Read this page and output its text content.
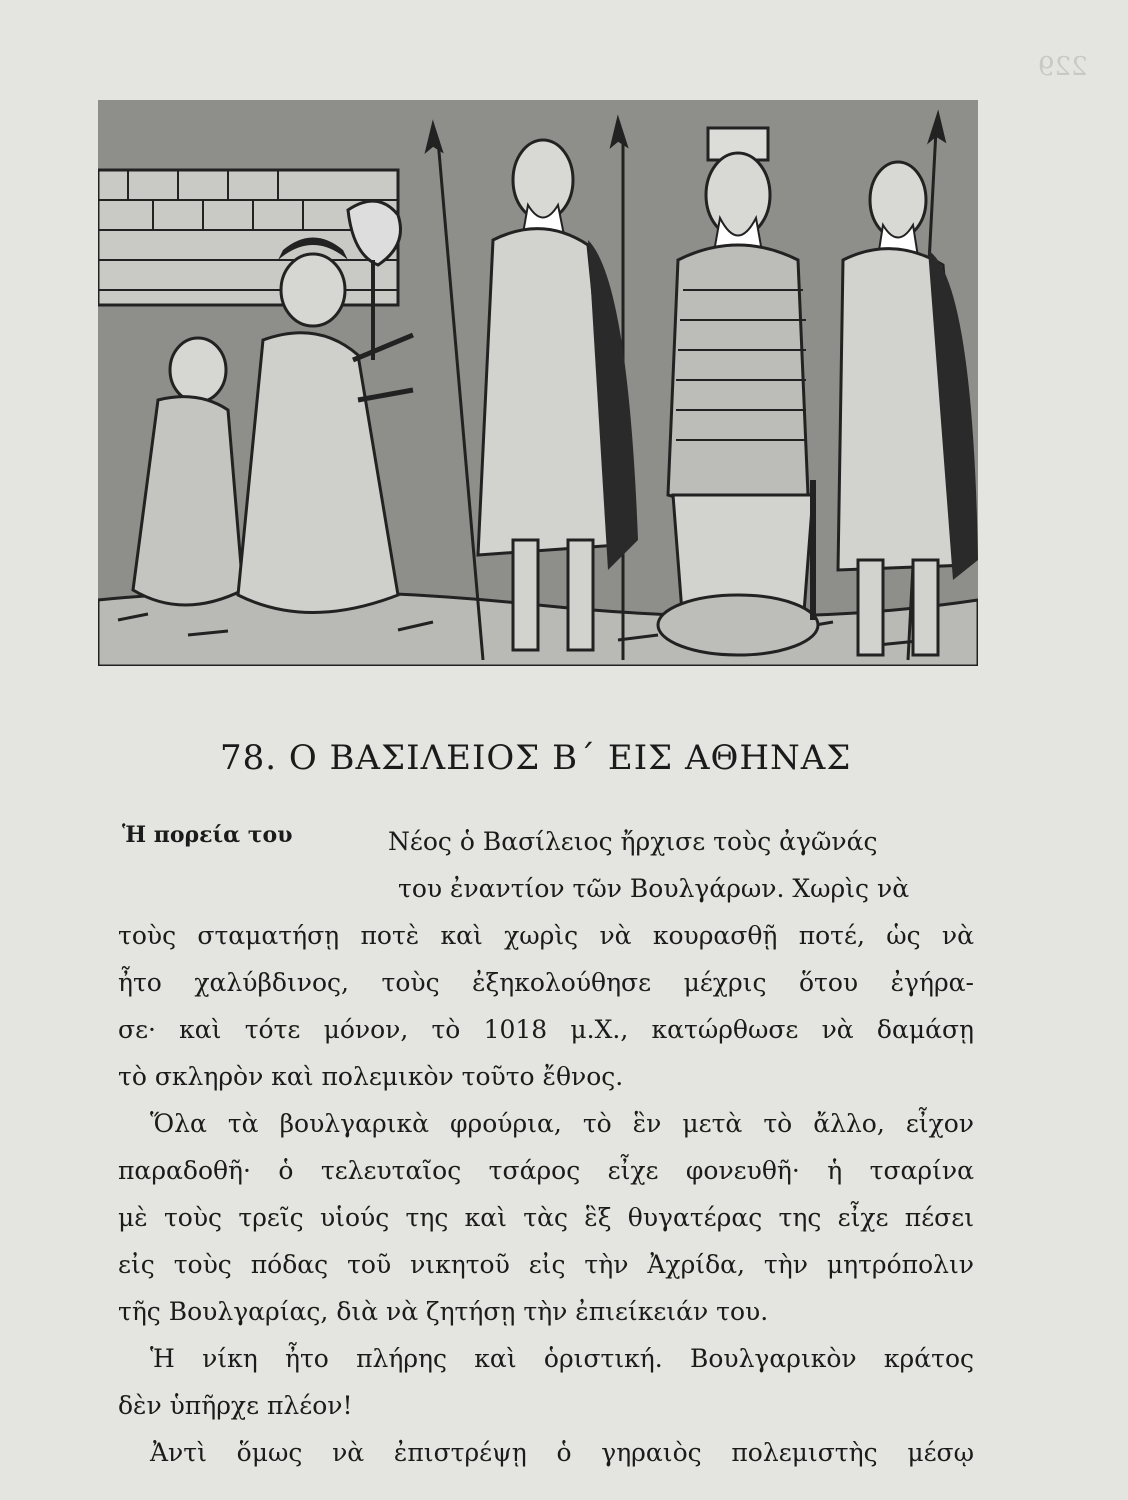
229
78. Ο ΒΑΣΙΛΕΙΟΣ Β΄ ΕΙΣ ΑΘΗΝΑΣ
Ἡ πορεία του	Νέος ὁ Βασίλειος ἤρχισε τοὺς ἀγῶνάς
του ἐναντίον τῶν Βουλγάρων. Χωρὶς νὰ
τοὺς σταματήσῃ ποτὲ καὶ χωρὶς νὰ κουρασθῇ ποτέ, ὡς νὰ
ἦτο χαλύβδινος, τοὺς ἐξηκολούθησε μέχρις ὅτου ἐγήρα-
σε· καὶ τότε μόνον, τὸ 1018 μ.Χ., κατώρθωσε νὰ δαμάσῃ
τὸ σκληρὸν καὶ πολεμικὸν τοῦτο ἔθνος.
Ὅλα τὰ βουλγαρικὰ φρούρια, τὸ ἓν μετὰ τὸ ἄλλο, εἶχον
παραδοθῆ· ὁ τελευταῖος τσάρος εἶχε φονευθῆ· ἡ τσαρίνα
μὲ τοὺς τρεῖς υἱούς της καὶ τὰς ἓξ θυγατέρας της εἶχε πέσει
εἰς τοὺς πόδας τοῦ νικητοῦ εἰς τὴν Ἀχρίδα, τὴν μητρόπολιν
τῆς Βουλγαρίας, διὰ νὰ ζητήσῃ τὴν ἐπιείκειάν του.
Ἡ νίκη ἦτο πλήρης καὶ ὁριστική. Βουλγαρικὸν κράτος
δὲν ὑπῆρχε πλέον!
Ἀντὶ ὅμως νὰ ἐπιστρέψῃ ὁ γηραιὸς πολεμιστὴς μέσῳ
